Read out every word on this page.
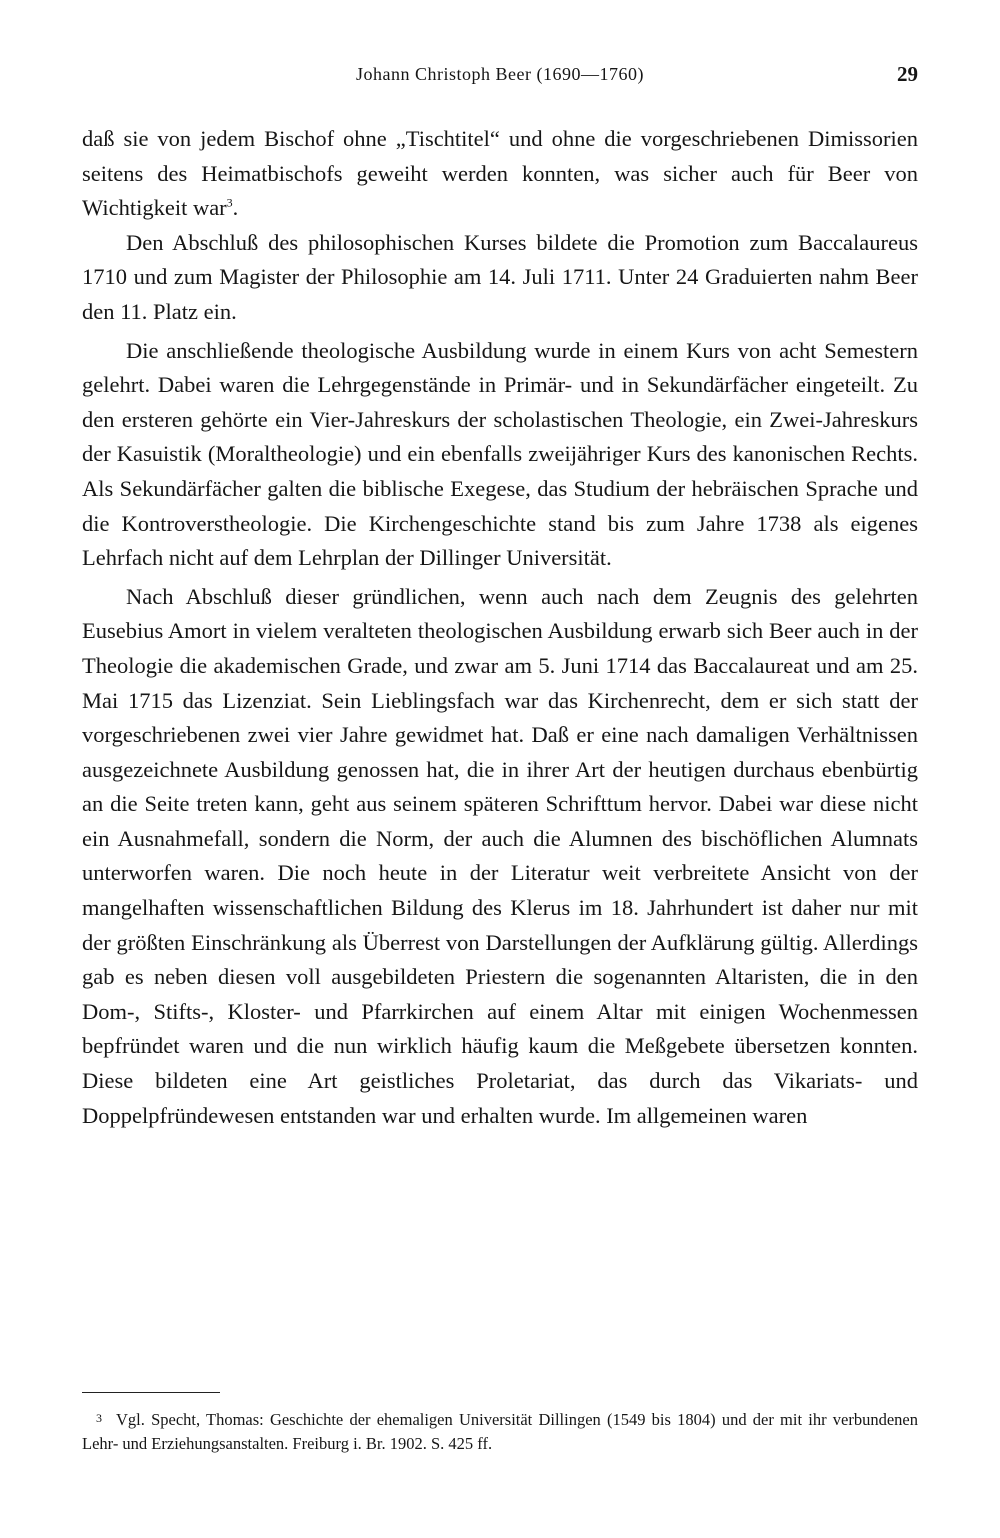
Johann Christoph Beer (1690—1760)	29

daß sie von jedem Bischof ohne „Tischtitel“ und ohne die vorgeschriebenen Dimissorien seitens des Heimatbischofs geweiht werden konnten, was sicher auch für Beer von Wichtigkeit war$^3$.

Den Abschluß des philosophischen Kurses bildete die Promotion zum Baccalaureus 1710 und zum Magister der Philosophie am 14. Juli 1711. Unter 24 Graduierten nahm Beer den 11. Platz ein.

Die anschließende theologische Ausbildung wurde in einem Kurs von acht Semestern gelehrt. Dabei waren die Lehrgegenstände in Primär- und in Sekundärfächer eingeteilt. Zu den ersteren gehörte ein Vier-Jahreskurs der scholastischen Theologie, ein Zwei-Jahreskurs der Kasuistik (Moraltheologie) und ein ebenfalls zweijähriger Kurs des kanonischen Rechts. Als Sekundärfächer galten die biblische Exegese, das Studium der hebräischen Sprache und die Kontroverstheologie. Die Kirchengeschichte stand bis zum Jahre 1738 als eigenes Lehrfach nicht auf dem Lehrplan der Dillinger Universität.

Nach Abschluß dieser gründlichen, wenn auch nach dem Zeugnis des gelehrten Eusebius Amort in vielem veralteten theologischen Ausbildung erwarb sich Beer auch in der Theologie die akademischen Grade, und zwar am 5. Juni 1714 das Baccalaureat und am 25. Mai 1715 das Lizenziat. Sein Lieblingsfach war das Kirchenrecht, dem er sich statt der vorgeschriebenen zwei vier Jahre gewidmet hat. Daß er eine nach damaligen Verhältnissen ausgezeichnete Ausbildung genossen hat, die in ihrer Art der heutigen durchaus ebenbürtig an die Seite treten kann, geht aus seinem späteren Schrifttum hervor. Dabei war diese nicht ein Ausnahmefall, sondern die Norm, der auch die Alumnen des bischöflichen Alumnats unterworfen waren. Die noch heute in der Literatur weit verbreitete Ansicht von der mangelhaften wissenschaftlichen Bildung des Klerus im 18. Jahrhundert ist daher nur mit der größten Einschränkung als Überrest von Darstellungen der Aufklärung gültig. Allerdings gab es neben diesen voll ausgebildeten Priestern die sogenannten Altaristen, die in den Dom-, Stifts-, Kloster- und Pfarrkirchen auf einem Altar mit einigen Wochenmessen bepfründet waren und die nun wirklich häufig kaum die Meßgebete übersetzen konnten. Diese bildeten eine Art geistliches Proletariat, das durch das Vikariats- und Doppelpfründewesen entstanden war und erhalten wurde. Im allgemeinen waren

3 Vgl. Specht, Thomas: Geschichte der ehemaligen Universität Dillingen (1549 bis 1804) und der mit ihr verbundenen Lehr- und Erziehungsanstalten. Freiburg i. Br. 1902. S. 425 ff.
